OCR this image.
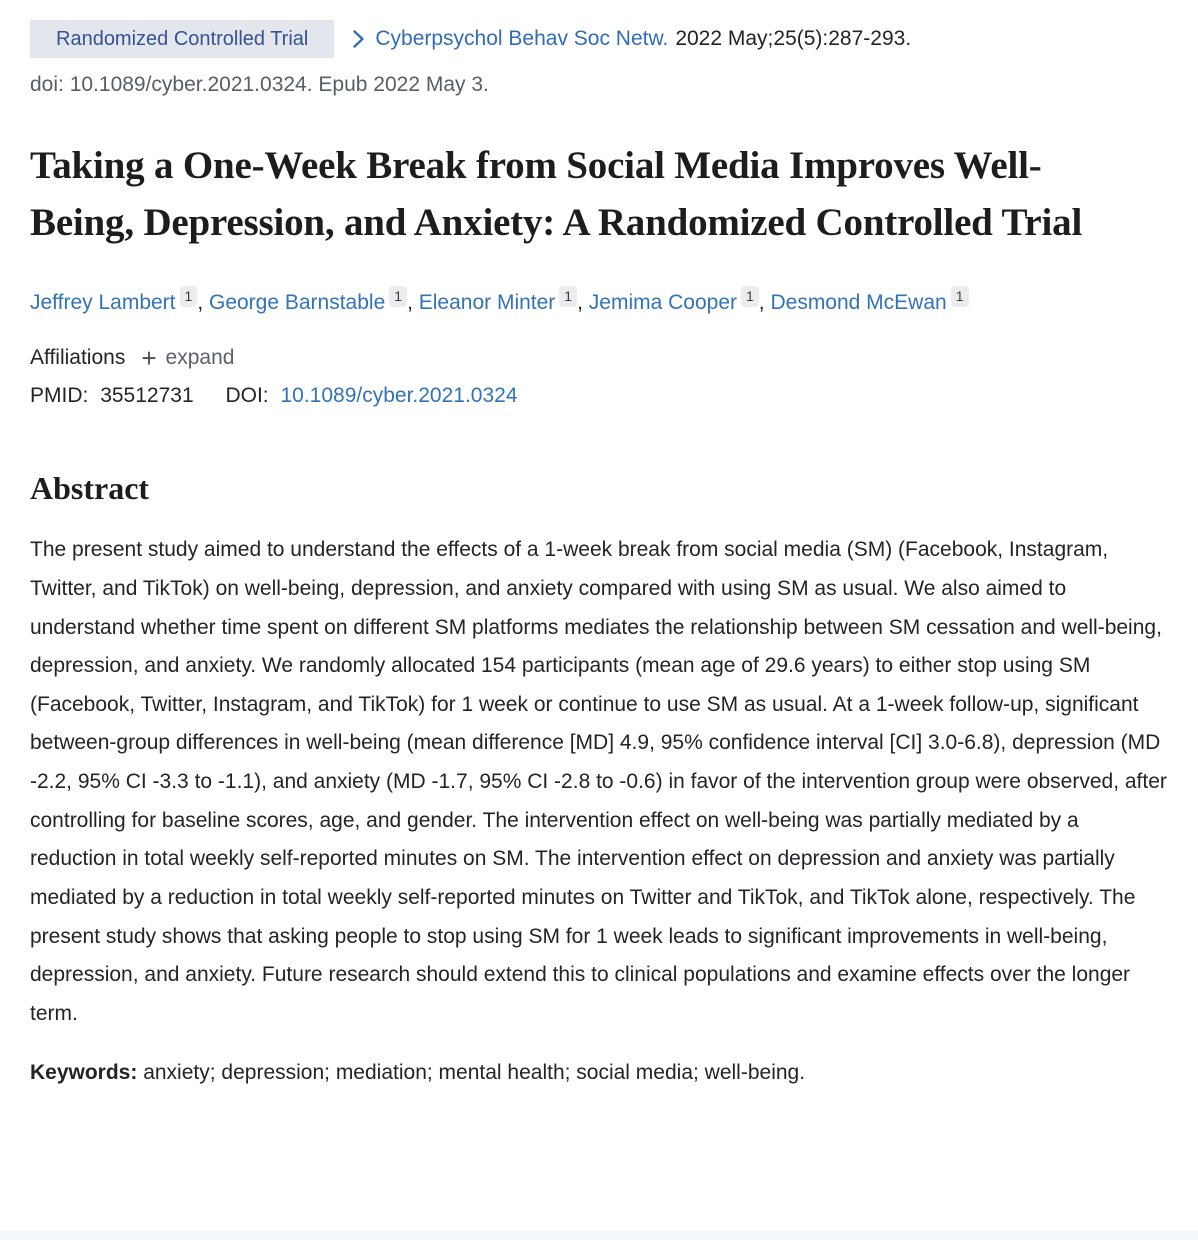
Randomized Controlled Trial	Cyberpsychol Behav Soc Netw. 2022 May;25(5):287-293.
doi: 10.1089/cyber.2021.0324. Epub 2022 May 3.
Taking a One-Week Break from Social Media Improves Well-Being, Depression, and Anxiety: A Randomized Controlled Trial
Jeffrey Lambert $^1$ , George Barnstable $^1$ , Eleanor Minter $^1$ , Jemima Cooper $^1$ , Desmond McEwan $^1$
Affiliations + expand
PMID: 35512731 DOI: 10.1089/cyber.2021.0324
Abstract

The present study aimed to understand the effects of a 1-week break from social media (SM) (Facebook, Instagram, Twitter, and TikTok) on well-being, depression, and anxiety compared with using SM as usual. We also aimed to understand whether time spent on different SM platforms mediates the relationship between SM cessation and well-being, depression, and anxiety. We randomly allocated 154 participants (mean age of 29.6 years) to either stop using SM (Facebook, Twitter, Instagram, and TikTok) for 1 week or continue to use SM as usual. At a 1-week follow-up, significant between-group differences in well-being (mean difference [MD] 4.9, 95% confidence interval [CI] 3.0-6.8), depression (MD -2.2, 95% CI -3.3 to -1.1), and anxiety (MD -1.7, 95% CI -2.8 to -0.6) in favor of the intervention group were observed, after controlling for baseline scores, age, and gender. The intervention effect on well-being was partially mediated by a reduction in total weekly self-reported minutes on SM. The intervention effect on depression and anxiety was partially mediated by a reduction in total weekly self-reported minutes on Twitter and TikTok, and TikTok alone, respectively. The present study shows that asking people to stop using SM for 1 week leads to significant improvements in well-being, depression, and anxiety. Future research should extend this to clinical populations and examine effects over the longer term.

Keywords: anxiety; depression; mediation; mental health; social media; well-being.
